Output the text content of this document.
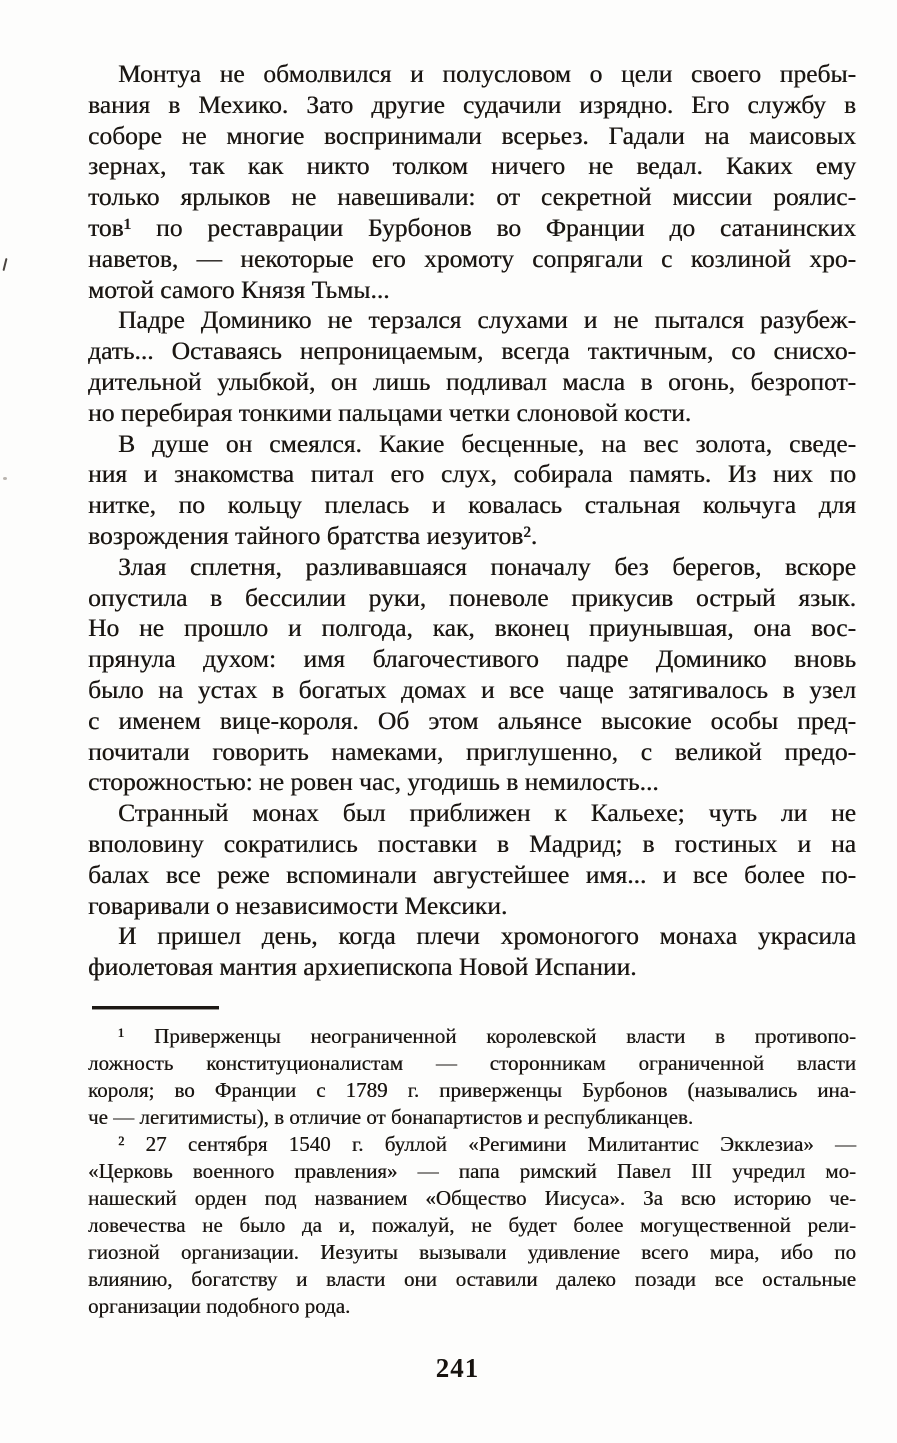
Монтуа не обмолвился и полусловом о цели своего пребы-
вания в Мехико. Зато другие судачили изрядно. Его службу в
соборе не многие воспринимали всерьез. Гадали на маисовых
зернах, так как никто толком ничего не ведал. Каких ему
только ярлыков не навешивали: от секретной миссии роялис-
тов¹ по реставрации Бурбонов во Франции до сатанинских
наветов, — некоторые его хромоту сопрягали с козлиной хро-
мотой самого Князя Тьмы...

Падре Доминико не терзался слухами и не пытался разубеж-
дать... Оставаясь непроницаемым, всегда тактичным, со снисхо-
дительной улыбкой, он лишь подливал масла в огонь, безропот-
но перебирая тонкими пальцами четки слоновой кости.

В душе он смеялся. Какие бесценные, на вес золота, сведе-
ния и знакомства питал его слух, собирала память. Из них по
нитке, по кольцу плелась и ковалась стальная кольчуга для
возрождения тайного братства иезуитов².

Злая сплетня, разливавшаяся поначалу без берегов, вскоре
опустила в бессилии руки, поневоле прикусив острый язык.
Но не прошло и полгода, как, вконец приунывшая, она вос-
прянула духом: имя благочестивого падре Доминико вновь
было на устах в богатых домах и все чаще затягивалось в узел
с именем вице-короля. Об этом альянсе высокие особы пред-
почитали говорить намеками, приглушенно, с великой предо-
сторожностью: не ровен час, угодишь в немилость...

Странный монах был приближен к Кальехе; чуть ли не
вполовину сократились поставки в Мадрид; в гостиных и на
балах все реже вспоминали августейшее имя... и все более по-
говаривали о независимости Мексики.

И пришел день, когда плечи хромоногого монаха украсила
фиолетовая мантия архиепископа Новой Испании.

¹ Приверженцы неограниченной королевской власти в противопо-
ложность конституционалистам — сторонникам ограниченной власти
короля; во Франции с 1789 г. приверженцы Бурбонов (назывались ина-
че — легитимисты), в отличие от бонапартистов и республиканцев.

² 27 сентября 1540 г. буллой «Регимини Милитантис Экклезиа» —
«Церковь военного правления» — папа римский Павел III учредил мо-
нашеский орден под названием «Общество Иисуса». За всю историю че-
ловечества не было да и, пожалуй, не будет более могущественной рели-
гиозной организации. Иезуиты вызывали удивление всего мира, ибо по
влиянию, богатству и власти они оставили далеко позади все остальные
организации подобного рода.

241
